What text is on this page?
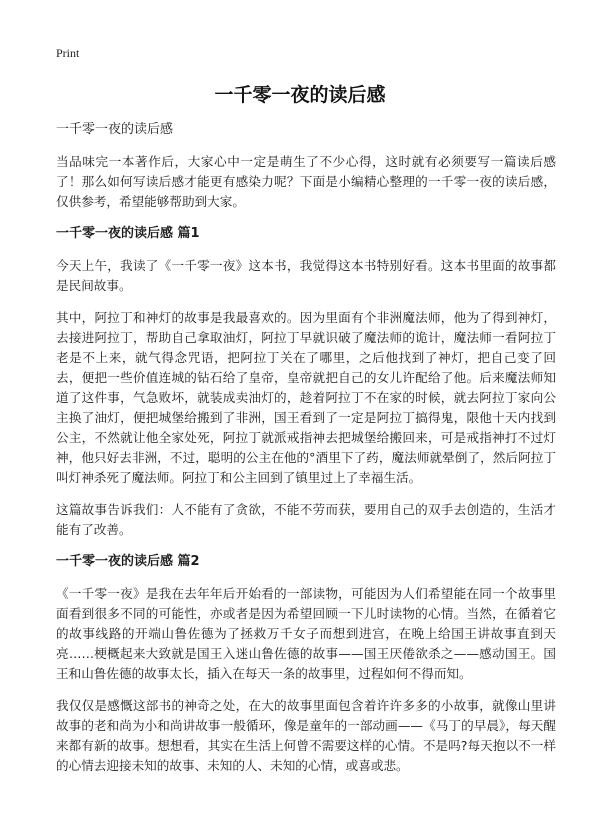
Print
一千零一夜的读后感
一千零一夜的读后感

当品味完一本著作后，大家心中一定是萌生了不少心得，这时就有必须要写一篇读后感了！那么如何写读后感才能更有感染力呢？下面是小编精心整理的一千零一夜的读后感，仅供参考，希望能够帮助到大家。

一千零一夜的读后感 篇1

今天上午，我读了《一千零一夜》这本书，我觉得这本书特别好看。这本书里面的故事都是民间故事。

其中，阿拉丁和神灯的故事是我最喜欢的。因为里面有个非洲魔法师，他为了得到神灯，去接进阿拉丁，帮助自己拿取油灯，阿拉丁早就识破了魔法师的诡计，魔法师一看阿拉丁老是不上来，就气得念咒语，把阿拉丁关在了哪里，之后他找到了神灯，把自己变了回去，便把一些价值连城的钻石给了皇帝，皇帝就把自己的女儿许配给了他。后来魔法师知道了这件事，气急败坏，就装成卖油灯的，趁着阿拉丁不在家的时候，就去阿拉丁家向公主换了油灯，便把城堡给搬到了非洲，国王看到了一定是阿拉丁搞得鬼，限他十天内找到公主，不然就让他全家处死，阿拉丁就派戒指神去把城堡给搬回来，可是戒指神打不过灯神，他只好去非洲，不过，聪明的公主在他的°酒里下了药，魔法师就晕倒了，然后阿拉丁叫灯神杀死了魔法师。阿拉丁和公主回到了镇里过上了幸福生活。

这篇故事告诉我们：人不能有了贪欲，不能不劳而获，要用自己的双手去创造的，生活才能有了改善。

一千零一夜的读后感 篇2

《一千零一夜》是我在去年年后开始看的一部读物，可能因为人们希望能在同一个故事里面看到很多不同的可能性，亦或者是因为希望回顾一下儿时读物的心情。当然，在循着它的故事线路的开端山鲁佐德为了拯救万千女子而想到进宫，在晚上给国王讲故事直到天亮……梗概起来大致就是国王入迷山鲁佐德的故事——国王厌倦欲杀之——感动国王。国王和山鲁佐德的故事太长，插入在每天一条的故事里，过程如何不得而知。

我仅仅是感慨这部书的神奇之处，在大的故事里面包含着许许多多的小故事，就像山里讲故事的老和尚为小和尚讲故事一般循环，像是童年的一部动画——《马丁的早晨》，每天醒来都有新的故事。想想看，其实在生活上何曾不需要这样的心情。不是吗?每天抱以不一样的心情去迎接未知的故事、未知的人、未知的心情，或喜或悲。
